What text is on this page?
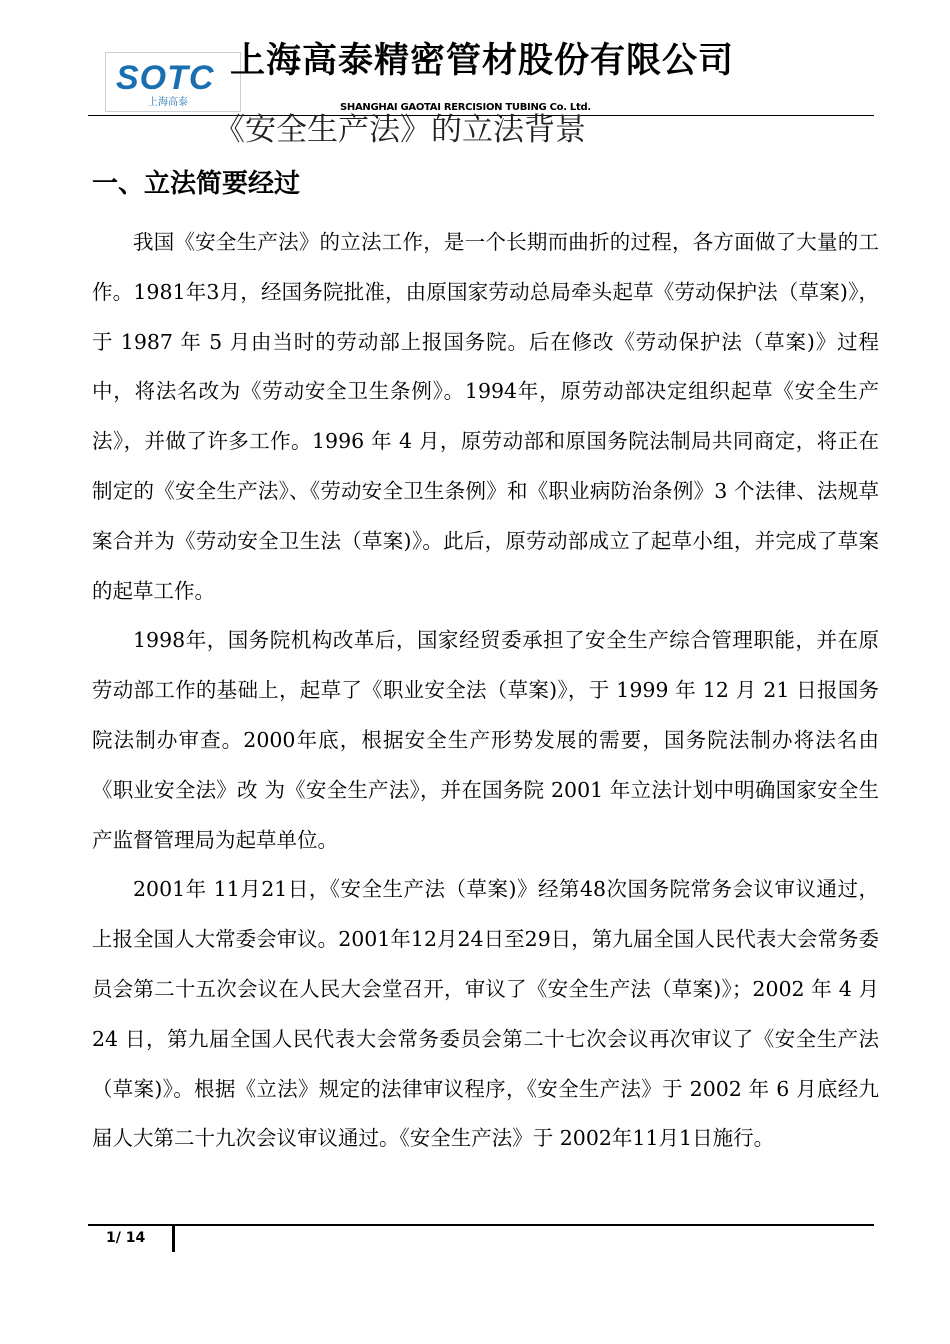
SOTC
上海高泰
上海高泰精密管材股份有限公司
SHANGHAI GAOTAI RERCISION TUBING Co. Ltd.
《安全生产法》的立法背景
一、立法简要经过

我国《安全生产法》的立法工作，是一个长期而曲折的过程，各方面做了大量的工作。1981年3月，经国务院批准，由原国家劳动总局牵头起草《劳动保护法（草案)》，于 1987 年 5 月由当时的劳动部上报国务院。后在修改《劳动保护法（草案)》过程中，将法名改为《劳动安全卫生条例》。1994年，原劳动部决定组织起草《安全生产法》，并做了许多工作。1996 年 4 月，原劳动部和原国务院法制局共同商定，将正在制定的《安全生产法》、《劳动安全卫生条例》和《职业病防治条例》3 个法律、法规草案合并为《劳动安全卫生法（草案)》。此后，原劳动部成立了起草小组，并完成了草案的起草工作。

1998年，国务院机构改革后，国家经贸委承担了安全生产综合管理职能，并在原劳动部工作的基础上，起草了《职业安全法（草案)》，于 1999 年 12 月 21 日报国务院法制办审查。2000年底，根据安全生产形势发展的需要，国务院法制办将法名由《职业安全法》改 为《安全生产法》，并在国务院 2001 年立法计划中明确国家安全生产监督管理局为起草单位。

2001年 11月21日，《安全生产法（草案)》经第48次国务院常务会议审议通过，上报全国人大常委会审议。2001年12月24日至29日，第九届全国人民代表大会常务委员会第二十五次会议在人民大会堂召开，审议了《安全生产法（草案)》；2002 年 4 月 24 日，第九届全国人民代表大会常务委员会第二十七次会议再次审议了《安全生产法（草案)》。根据《立法》规定的法律审议程序，《安全生产法》于 2002 年 6 月底经九届人大第二十九次会议审议通过。《安全生产法》于 2002年11月1日施行。

1/ 14
